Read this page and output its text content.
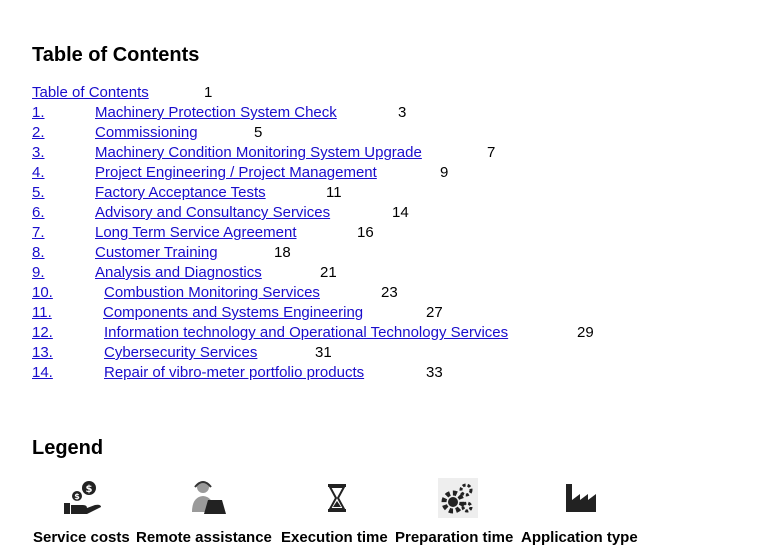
Table of Contents
Table of Contents	1
1.	Machinery Protection System Check	3
2.	Commissioning	5
3.	Machinery Condition Monitoring System Upgrade	7
4.	Project Engineering / Project Management	9
5.	Factory Acceptance Tests	11
6.	Advisory and Consultancy Services	14
7.	Long Term Service Agreement	16
8.	Customer Training	18
9.	Analysis and Diagnostics	21
10.	Combustion Monitoring Services	23
11.	Components and Systems Engineering	27
12.	Information technology and Operational Technology Services	29
13.	Cybersecurity Services	31
14.	Repair of vibro-meter portfolio products	33
Legend
$
$
Service costs Remote assistance Execution time Preparation time Application type
